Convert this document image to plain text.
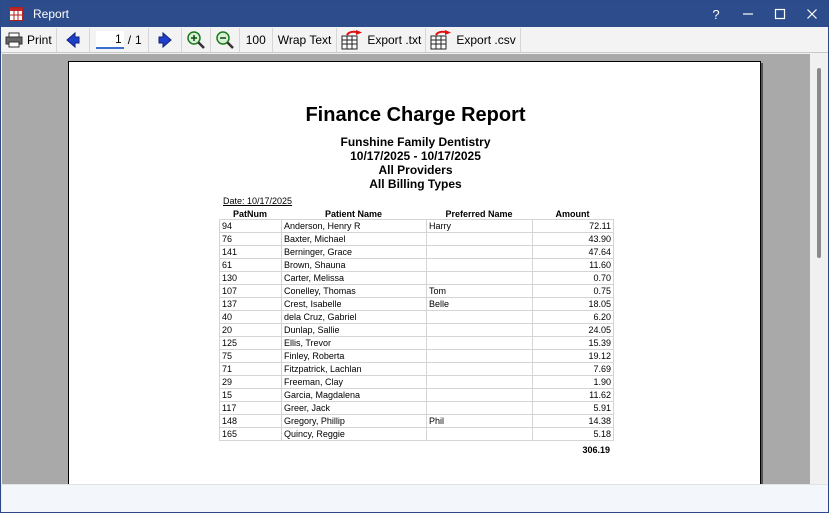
Report	?
Print
1	/ 1	100	Wrap Text	Export .txt	Export .csv
Finance Charge Report
Funshine Family Dentistry
10/17/2025 - 10/17/2025
All Providers
All Billing Types
Date: 10/17/2025
PatNum	Patient Name	Preferred Name	Amount
94	Anderson, Henry R	Harry	72.11
76	Baxter, Michael		43.90
141	Berninger, Grace		47.64
61	Brown, Shauna		11.60
130	Carter, Melissa		0.70
107	Conelley, Thomas	Tom	0.75
137	Crest, Isabelle	Belle	18.05
40	dela Cruz, Gabriel		6.20
20	Dunlap, Sallie		24.05
125	Ellis, Trevor		15.39
75	Finley, Roberta		19.12
71	Fitzpatrick, Lachlan		7.69
29	Freeman, Clay		1.90
15	Garcia, Magdalena		11.62
117	Greer, Jack		5.91
148	Gregory, Phillip	Phil	14.38
165	Quincy, Reggie		5.18
306.19
